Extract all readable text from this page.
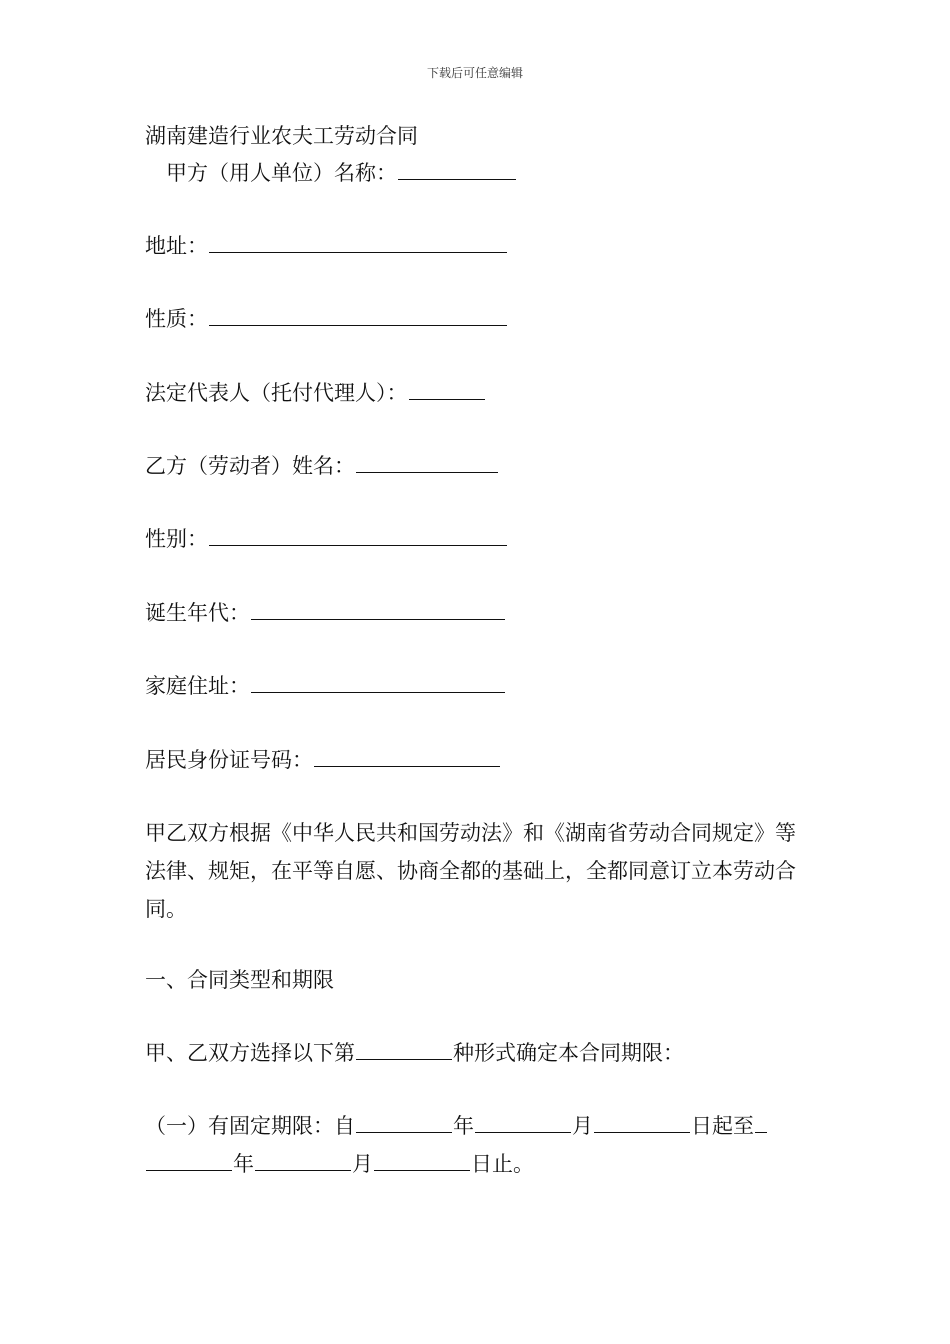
下载后可任意编辑
湖南建造行业农夫工劳动合同
甲方（用人单位）名称：
地址：
性质：
法定代表人（托付代理人）：
乙方（劳动者）姓名：
性别：
诞生年代：
家庭住址：
居民身份证号码：
甲乙双方根据《中华人民共和国劳动法》和《湖南省劳动合同规定》等法律、规矩，在平等自愿、协商全都的基础上，全都同意订立本劳动合同。
一、合同类型和期限
甲、乙双方选择以下第	种形式确定本合同期限：
（一）有固定期限：自	年	月	日起至
年	月	日止。
